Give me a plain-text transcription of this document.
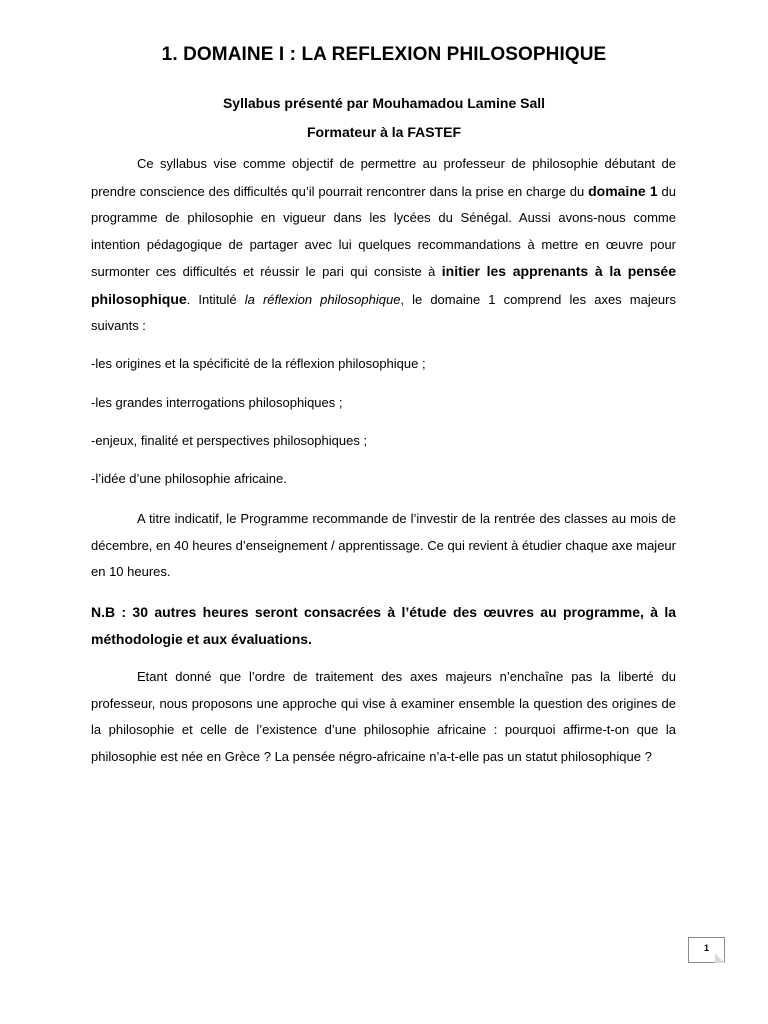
1. DOMAINE I : LA REFLEXION PHILOSOPHIQUE
Syllabus présenté par Mouhamadou Lamine Sall
Formateur à la FASTEF
Ce syllabus vise comme objectif de permettre au professeur de philosophie débutant de prendre conscience des difficultés qu’il pourrait rencontrer dans la prise en charge du domaine 1 du programme de philosophie en vigueur dans les lycées du Sénégal. Aussi avons-nous comme intention pédagogique de partager avec lui quelques recommandations à mettre en œuvre pour surmonter ces difficultés et réussir le pari qui consiste à initier les apprenants à la pensée philosophique. Intitulé la réflexion philosophique, le domaine 1 comprend les axes majeurs suivants :
-les origines et la spécificité de la réflexion philosophique ;
-les grandes interrogations philosophiques ;
-enjeux, finalité et perspectives philosophiques ;
-l’idée d’une philosophie africaine.
A titre indicatif, le Programme recommande de l’investir de la rentrée des classes au mois de décembre, en 40 heures d’enseignement / apprentissage. Ce qui revient à étudier chaque axe majeur en 10 heures.
N.B : 30 autres heures seront consacrées à l’étude des œuvres au programme, à la méthodologie et aux évaluations.
Etant donné que l’ordre de traitement des axes majeurs n’enchaîne pas la liberté du professeur, nous proposons une approche qui vise à examiner ensemble la question des origines de la philosophie et celle de l’existence d’une philosophie africaine : pourquoi affirme-t-on que la philosophie est née en Grèce ? La pensée négro-africaine n’a-t-elle pas un statut philosophique ?
1
